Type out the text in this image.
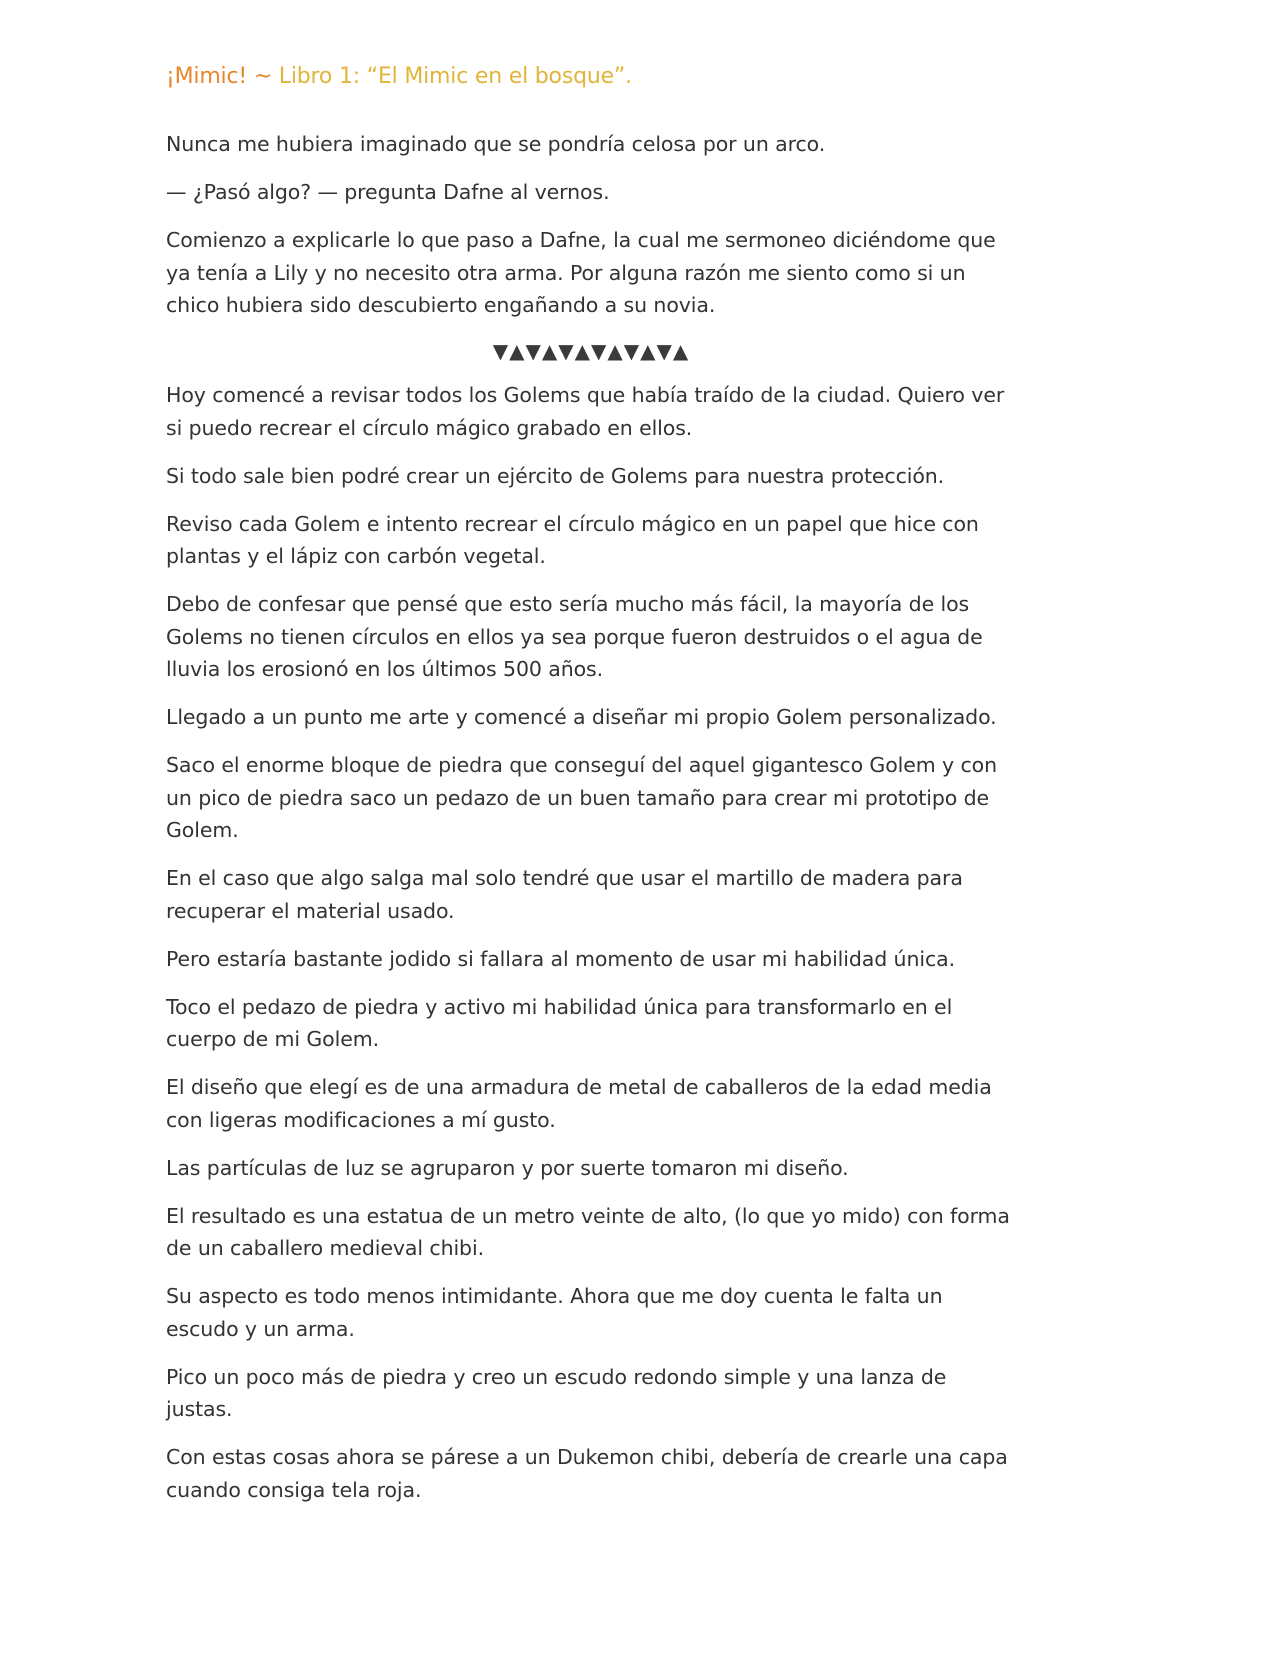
¡Mimic! ~ Libro 1: “El Mimic en el bosque”.

Nunca me hubiera imaginado que se pondría celosa por un arco.

— ¿Pasó algo? — pregunta Dafne al vernos.

Comienzo a explicarle lo que paso a Dafne, la cual me sermoneo diciéndome que ya tenía a Lily y no necesito otra arma. Por alguna razón me siento como si un chico hubiera sido descubierto engañando a su novia.

▼▲▼▲▼▲▼▲▼▲▼▲

Hoy comencé a revisar todos los Golems que había traído de la ciudad. Quiero ver si puedo recrear el círculo mágico grabado en ellos.

Si todo sale bien podré crear un ejército de Golems para nuestra protección.

Reviso cada Golem e intento recrear el círculo mágico en un papel que hice con plantas y el lápiz con carbón vegetal.

Debo de confesar que pensé que esto sería mucho más fácil, la mayoría de los Golems no tienen círculos en ellos ya sea porque fueron destruidos o el agua de lluvia los erosionó en los últimos 500 años.

Llegado a un punto me arte y comencé a diseñar mi propio Golem personalizado.

Saco el enorme bloque de piedra que conseguí del aquel gigantesco Golem y con un pico de piedra saco un pedazo de un buen tamaño para crear mi prototipo de Golem.

En el caso que algo salga mal solo tendré que usar el martillo de madera para recuperar el material usado.

Pero estaría bastante jodido si fallara al momento de usar mi habilidad única.

Toco el pedazo de piedra y activo mi habilidad única para transformarlo en el cuerpo de mi Golem.

El diseño que elegí es de una armadura de metal de caballeros de la edad media con ligeras modificaciones a mí gusto.

Las partículas de luz se agruparon y por suerte tomaron mi diseño.

El resultado es una estatua de un metro veinte de alto, (lo que yo mido) con forma de un caballero medieval chibi.

Su aspecto es todo menos intimidante. Ahora que me doy cuenta le falta un escudo y un arma.

Pico un poco más de piedra y creo un escudo redondo simple y una lanza de justas.

Con estas cosas ahora se párese a un Dukemon chibi, debería de crearle una capa cuando consiga tela roja.
